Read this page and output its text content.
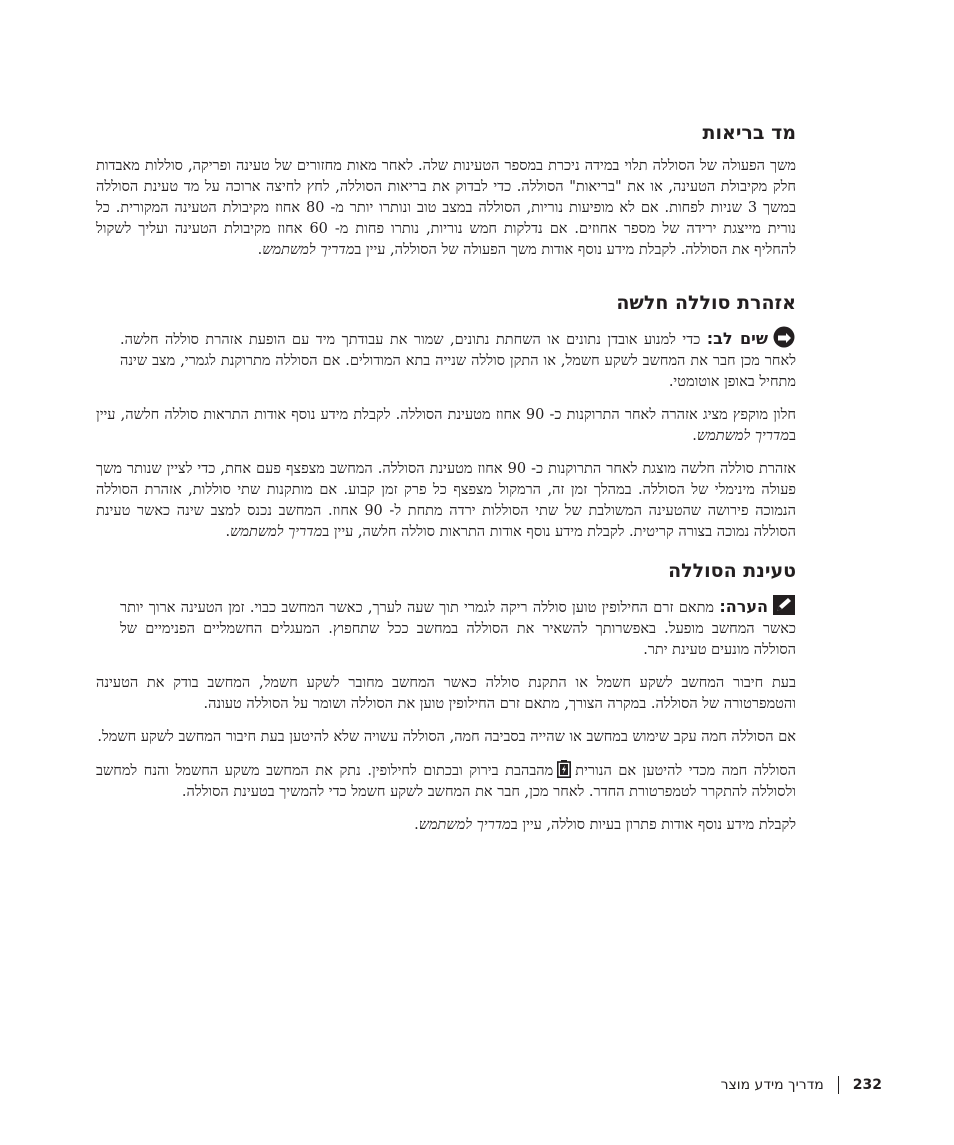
מד בריאות

משך הפעולה של הסוללה תלוי במידה ניכרת במספר הטעינות שלה. לאחר מאות מחזורים של טעינה ופריקה, סוללות מאבדות חלק מקיבולת הטעינה, או את "בריאות" הסוללה. כדי לבדוק את בריאות הסוללה, לחץ לחיצה ארוכה על מד טעינת הסוללה במשך 3 שניות לפחות. אם לא מופיעות נוריות, הסוללה במצב טוב ונותרו יותר מ- 80 אחוז מקיבולת הטעינה המקורית. כל נורית מייצגת ירידה של מספר אחוזים. אם נדלקות חמש נוריות, נותרו פחות מ- 60 אחוז מקיבולת הטעינה ועליך לשקול להחליף את הסוללה. לקבלת מידע נוסף אודות משך הפעולה של הסוללה, עיין במדריך למשתמש.

אזהרת סוללה חלשה

שים לב: כדי למנוע אובדן נתונים או השחתת נתונים, שמור את עבודתך מיד עם הופעת אזהרת סוללה חלשה. לאחר מכן חבר את המחשב לשקע חשמל, או התקן סוללה שנייה בתא המודולים. אם הסוללה מתרוקנת לגמרי, מצב שינה מתחיל באופן אוטומטי.

חלון מוקפץ מציג אזהרה לאחר התרוקנות כ- 90 אחוז מטעינת הסוללה. לקבלת מידע נוסף אודות התראות סוללה חלשה, עיין במדריך למשתמש.

אזהרת סוללה חלשה מוצגת לאחר התרוקנות כ- 90 אחוז מטעינת הסוללה. המחשב מצפצף פעם אחת, כדי לציין שנותר משך פעולה מינימלי של הסוללה. במהלך זמן זה, הרמקול מצפצף כל פרק זמן קבוע. אם מותקנות שתי סוללות, אזהרת הסוללה הנמוכה פירושה שהטעינה המשולבת של שתי הסוללות ירדה מתחת ל- 90 אחוז. המחשב נכנס למצב שינה כאשר טעינת הסוללה נמוכה בצורה קריטית. לקבלת מידע נוסף אודות התראות סוללה חלשה, עיין במדריך למשתמש.

טעינת הסוללה

הערה: מתאם זרם החילופין טוען סוללה ריקה לגמרי תוך שעה לערך, כאשר המחשב כבוי. זמן הטעינה ארוך יותר כאשר המחשב מופעל. באפשרותך להשאיר את הסוללה במחשב ככל שתחפוץ. המעגלים החשמליים הפנימיים של הסוללה מונעים טעינת יתר.

בעת חיבור המחשב לשקע חשמל או התקנת סוללה כאשר המחשב מחובר לשקע חשמל, המחשב בודק את הטעינה והטמפרטורה של הסוללה. במקרה הצורך, מתאם זרם החילופין טוען את הסוללה ושומר על הסוללה טעונה.

אם הסוללה חמה עקב שימוש במחשב או שהייה בסביבה חמה, הסוללה עשויה שלא להיטען בעת חיבור המחשב לשקע חשמל.

הסוללה חמה מכדי להיטען אם הנוריתמהבהבת בירוק ובכתום לחילופין. נתק את המחשב משקע החשמל והנח למחשב ולסוללה להתקרר לטמפרטורת החדר. לאחר מכן, חבר את המחשב לשקע חשמל כדי להמשיך בטעינת הסוללה.

לקבלת מידע נוסף אודות פתרון בעיות סוללה, עיין במדריך למשתמש.

232
מדריך מידע מוצר
